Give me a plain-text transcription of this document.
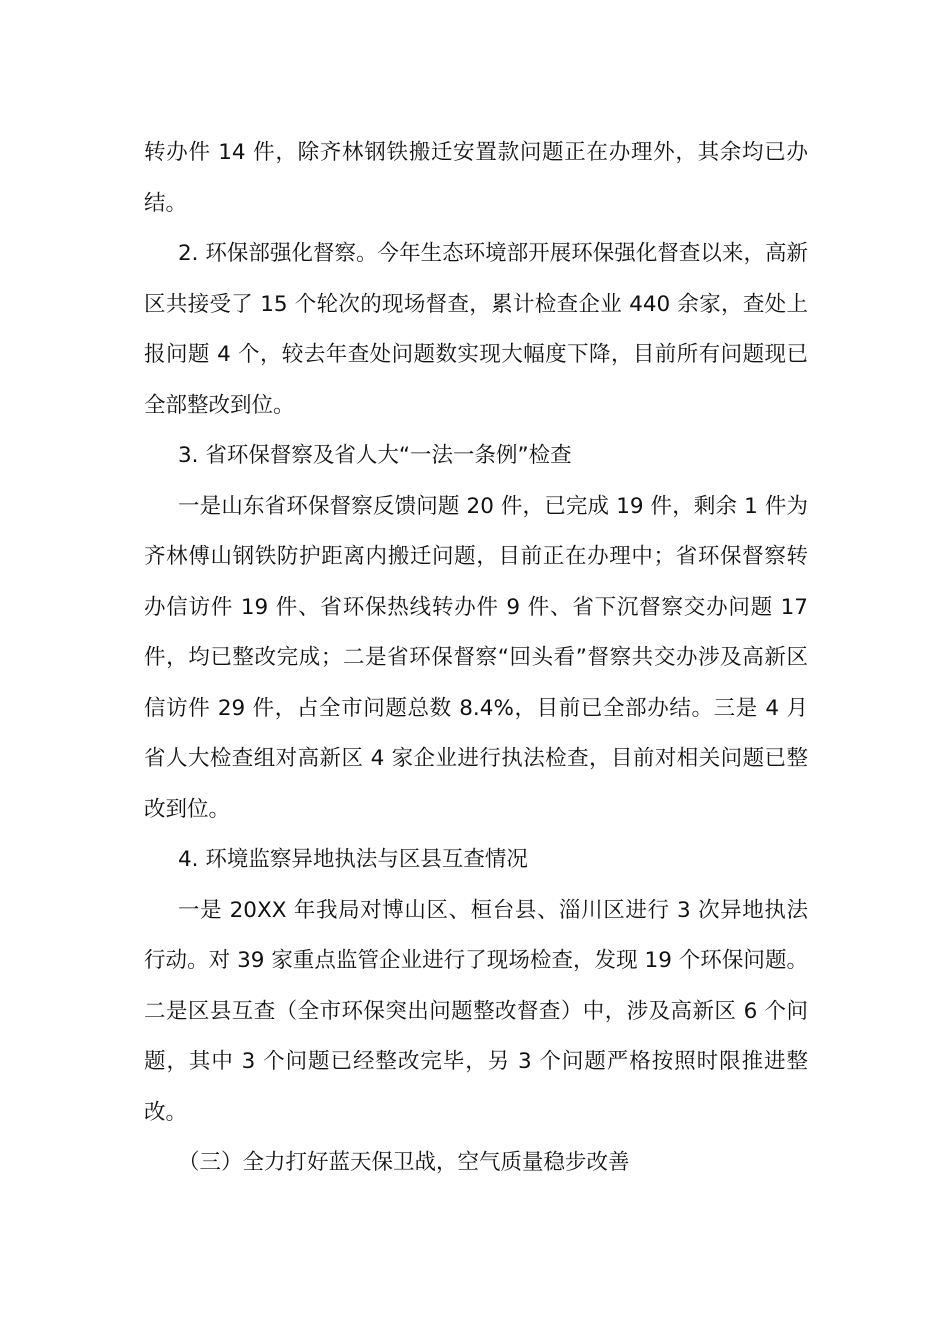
转办件 14 件，除齐林钢铁搬迁安置款问题正在办理外，其余均已办结。

2. 环保部强化督察。今年生态环境部开展环保强化督查以来，高新区共接受了 15 个轮次的现场督查，累计检查企业 440 余家，查处上报问题 4 个，较去年查处问题数实现大幅度下降，目前所有问题现已全部整改到位。

3. 省环保督察及省人大“一法一条例”检查

一是山东省环保督察反馈问题 20 件，已完成 19 件，剩余 1 件为齐林傅山钢铁防护距离内搬迁问题，目前正在办理中；省环保督察转办信访件 19 件、省环保热线转办件 9 件、省下沉督察交办问题 17 件，均已整改完成；二是省环保督察“回头看”督察共交办涉及高新区信访件 29 件，占全市问题总数 8.4%，目前已全部办结。三是 4 月省人大检查组对高新区 4 家企业进行执法检查，目前对相关问题已整改到位。

4. 环境监察异地执法与区县互查情况

一是 20XX 年我局对博山区、桓台县、淄川区进行 3 次异地执法行动。对 39 家重点监管企业进行了现场检查，发现 19 个环保问题。二是区县互查（全市环保突出问题整改督查）中，涉及高新区 6 个问题，其中 3 个问题已经整改完毕，另 3 个问题严格按照时限推进整改。

（三）全力打好蓝天保卫战，空气质量稳步改善
